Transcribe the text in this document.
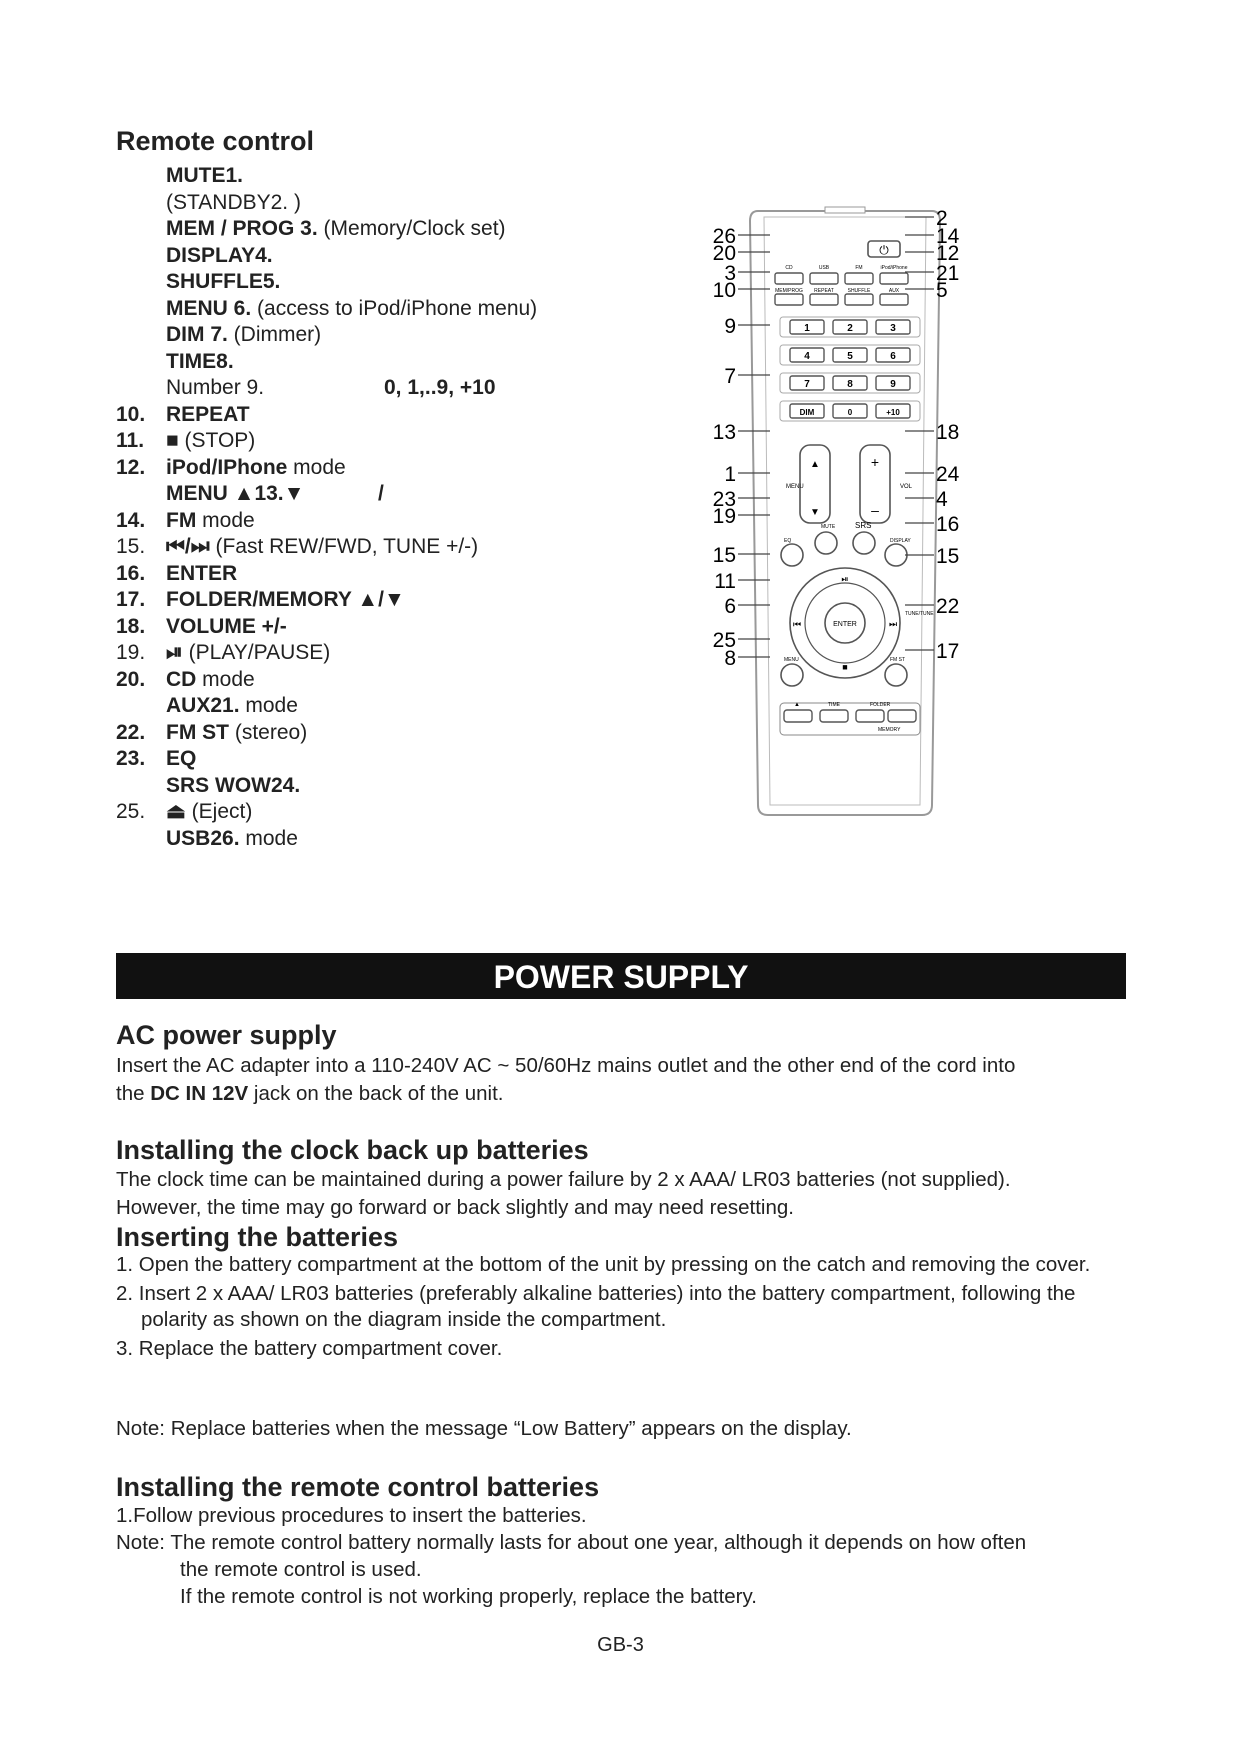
Remote control
MUTE1.
(STANDBY2. )
MEM / PROG 3. (Memory/Clock set)
DISPLAY4.
SHUFFLE5.
MENU 6. (access to iPod/iPhone menu)
DIM 7. (Dimmer)
TIME8.
Number 9.	0, 1,..9, +10
10. REPEAT
11.	■ (STOP)
12. iPod/IPhone mode
MENU ▲13.▼	/
14. FM mode
15. ⏮/⏭ (Fast REW/FWD, TUNE +/-)
16. ENTER
17. FOLDER/MEMORY ▲/▼
18. VOLUME +/-
19. ⏯ (PLAY/PAUSE)
20. CD mode
AUX21. mode
22. FM ST (stereo)
23. EQ
SRS WOW24.
25. ⏏ (Eject)
USB26. mode
⏻
CD	USB	FM	iPod/iPhone
MEM/PROG REPEAT	SHUFFLE	AUX
1	2	3
4	5	6
7	8	9
DIM	0	+10
▲
▼
+
–
MENU	VOL
MUTE SRS
EQ	DISPLAY
ENTER
⏯
■
⏮	⏭
TUNE/TUNE
MENU	FM ST
▲	TIME	FOLDER
MEMORY
26
20
3
10
9
7
13
1
23
19
15
11
6
25
8
2
14
12
21
5
18
24
4
16
15
22
17
POWER SUPPLY
AC power supply
Insert the AC adapter into a 110-240V AC ~ 50/60Hz mains outlet and the other end of the cord into
the DC IN 12V jack on the back of the unit.
Installing the clock back up batteries
The clock time can be maintained during a power failure by 2 x AAA/ LR03 batteries (not supplied).
However, the time may go forward or back slightly and may need resetting.
Inserting the batteries
1. Open the battery compartment at the bottom of the unit by pressing on the catch and removing the cover.
2. Insert 2 x AAA/ LR03 batteries (preferably alkaline batteries) into the battery compartment, following the polarity as shown on the diagram inside the compartment.
3. Replace the battery compartment cover.
Note: Replace batteries when the message “Low Battery” appears on the display.
Installing the remote control batteries
1.Follow previous procedures to insert the batteries.
Note: The remote control battery normally lasts for about one year, although it depends on how often
the remote control is used.
If the remote control is not working properly, replace the battery.
GB-3
